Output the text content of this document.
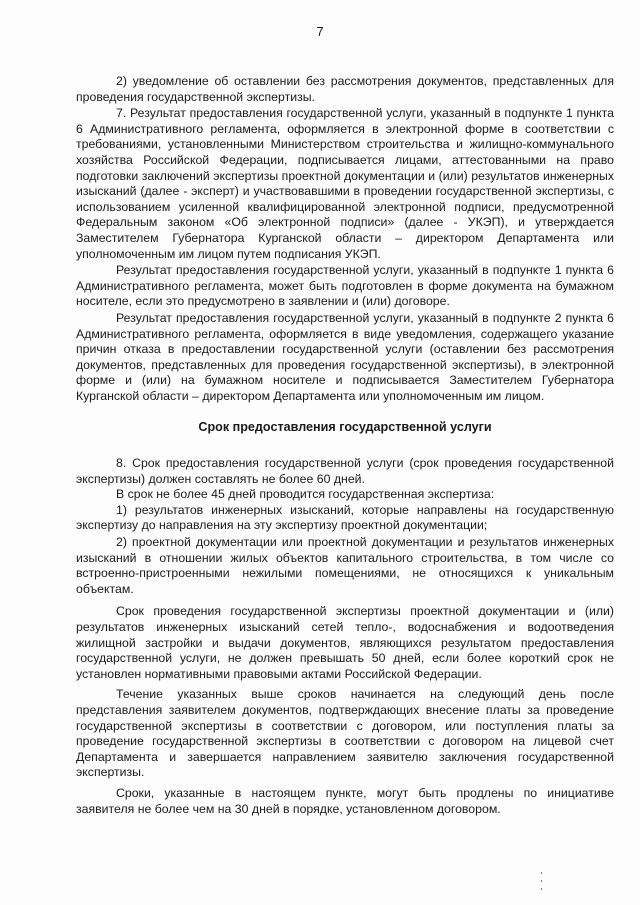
7

2) уведомление об оставлении без рассмотрения документов, представленных для проведения государственной экспертизы.

7. Результат предоставления государственной услуги, указанный в подпункте 1 пункта 6 Административного регламента, оформляется в электронной форме в соответствии с требованиями, установленными Министерством строительства и жилищно-коммунального хозяйства Российской Федерации, подписывается лицами, аттестованными на право подготовки заключений экспертизы проектной документации и (или) результатов инженерных изысканий (далее - эксперт) и участвовавшими в проведении государственной экспертизы, с использованием усиленной квалифицированной электронной подписи, предусмотренной Федеральным законом «Об электронной подписи» (далее - УКЭП), и утверждается Заместителем Губернатора Курганской области – директором Департамента или уполномоченным им лицом путем подписания УКЭП.

Результат предоставления государственной услуги, указанный в подпункте 1 пункта 6 Административного регламента, может быть подготовлен в форме документа на бумажном носителе, если это предусмотрено в заявлении и (или) договоре.

Результат предоставления государственной услуги, указанный в подпункте 2 пункта 6 Административного регламента, оформляется в виде уведомления, содержащего указание причин отказа в предоставлении государственной услуги (оставлении без рассмотрения документов, представленных для проведения государственной экспертизы), в электронной форме и (или) на бумажном носителе и подписывается Заместителем Губернатора Курганской области – директором Департамента или уполномоченным им лицом.

Срок предоставления государственной услуги

8. Срок предоставления государственной услуги (срок проведения государственной экспертизы) должен составлять не более 60 дней.

В срок не более 45 дней проводится государственная экспертиза:

1) результатов инженерных изысканий, которые направлены на государственную экспертизу до направления на эту экспертизу проектной документации;

2) проектной документации или проектной документации и результатов инженерных изысканий в отношении жилых объектов капитального строительства, в том числе со встроенно-пристроенными нежилыми помещениями, не относящихся к уникальным объектам.

Срок проведения государственной экспертизы проектной документации и (или) результатов инженерных изысканий сетей тепло-, водоснабжения и водоотведения жилищной застройки и выдачи документов, являющихся результатом предоставления государственной услуги, не должен превышать 50 дней, если более короткий срок не установлен нормативными правовыми актами Российской Федерации.

Течение указанных выше сроков начинается на следующий день после представления заявителем документов, подтверждающих внесение платы за проведение государственной экспертизы в соответствии с договором, или поступления платы за проведение государственной экспертизы в соответствии с договором на лицевой счет Департамента и завершается направлением заявителю заключения государственной экспертизы.

Сроки, указанные в настоящем пункте, могут быть продлены по инициативе заявителя не более чем на 30 дней в порядке, установленном договором.
